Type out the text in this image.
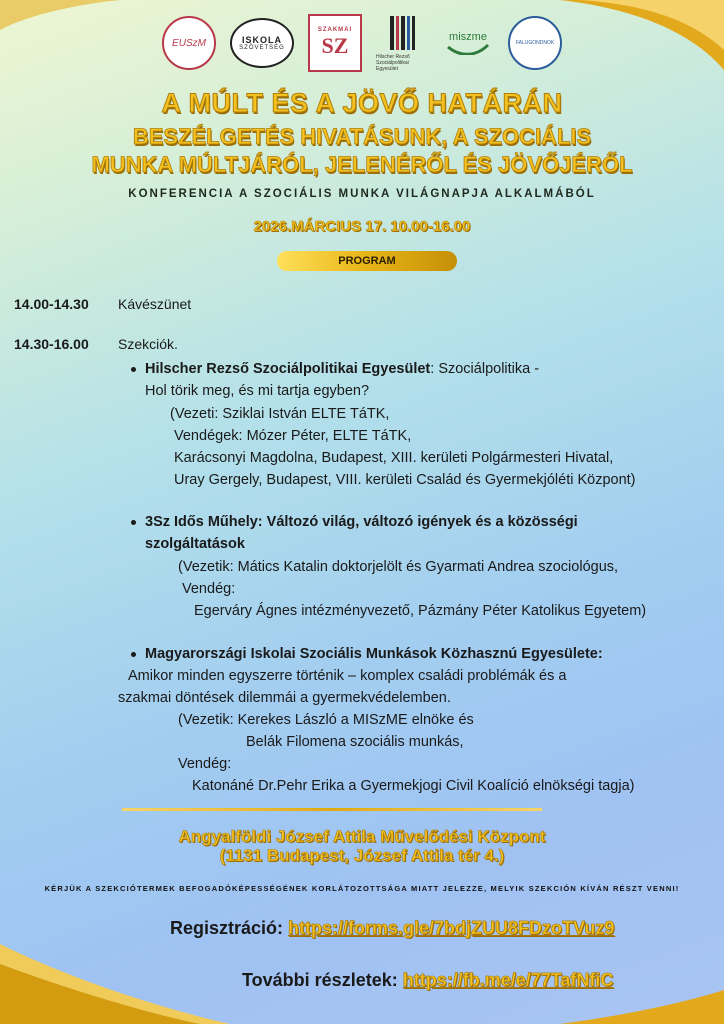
EUSzM	ISKOLA
SZÖVETSÉG
SZAKMAI
SZ	Hilscher Rezső Szociálpolitikai Egyesület
miszme	FALUGONDNOK
A MÚLT ÉS A JÖVŐ HATÁRÁN
BESZÉLGETÉS HIVATÁSUNK, A SZOCIÁLIS
MUNKA MÚLTJÁRÓL, JELENÉRŐL ÉS JÖVŐJÉRŐL
KONFERENCIA A SZOCIÁLIS MUNKA VILÁGNAPJA ALKALMÁBÓL
2026.MÁRCIUS 17. 10.00-16.00
PROGRAM
14.00-14.30	Kávészünet
14.30-16.00	Szekciók.
Hilscher Rezső Szociálpolitikai Egyesület: Szociálpolitika -
Hol törik meg, és mi tartja egyben?
(Vezeti: Sziklai István ELTE TáTK,
Vendégek: Mózer Péter, ELTE TáTK,
Karácsonyi Magdolna, Budapest, XIII. kerületi Polgármesteri Hivatal,
Uray Gergely, Budapest, VIII. kerületi Család és Gyermekjóléti Központ)
3Sz Idős Műhely: Változó világ, változó igények és a közösségi
szolgáltatások
(Vezetik: Mátics Katalin doktorjelölt és Gyarmati Andrea szociológus,
Vendég:
Egerváry Ágnes intézményvezető, Pázmány Péter Katolikus Egyetem)
Magyarországi Iskolai Szociális Munkások Közhasznú Egyesülete:
Amikor minden egyszerre történik – komplex családi problémák és a
szakmai döntések dilemmái a gyermekvédelemben.
(Vezetik: Kerekes László a MISzME elnöke és
Belák Filomena szociális munkás,
Vendég:
Katonáné Dr.Pehr Erika a Gyermekjogi Civil Koalíció elnökségi tagja)
Angyalföldi József Attila Művelődési Központ
(1131 Budapest, József Attila tér 4.)
KÉRJÜK A SZEKCIÓTERMEK BEFOGADÓKÉPESSÉGÉNEK KORLÁTOZOTTSÁGA MIATT JELEZZE, MELYIK SZEKCIÓN KÍVÁN RÉSZT VENNI!
Regisztráció: https://forms.gle/7bdjZUU8FDzoTVuz9
További részletek: https://fb.me/e/77TafNfiC
